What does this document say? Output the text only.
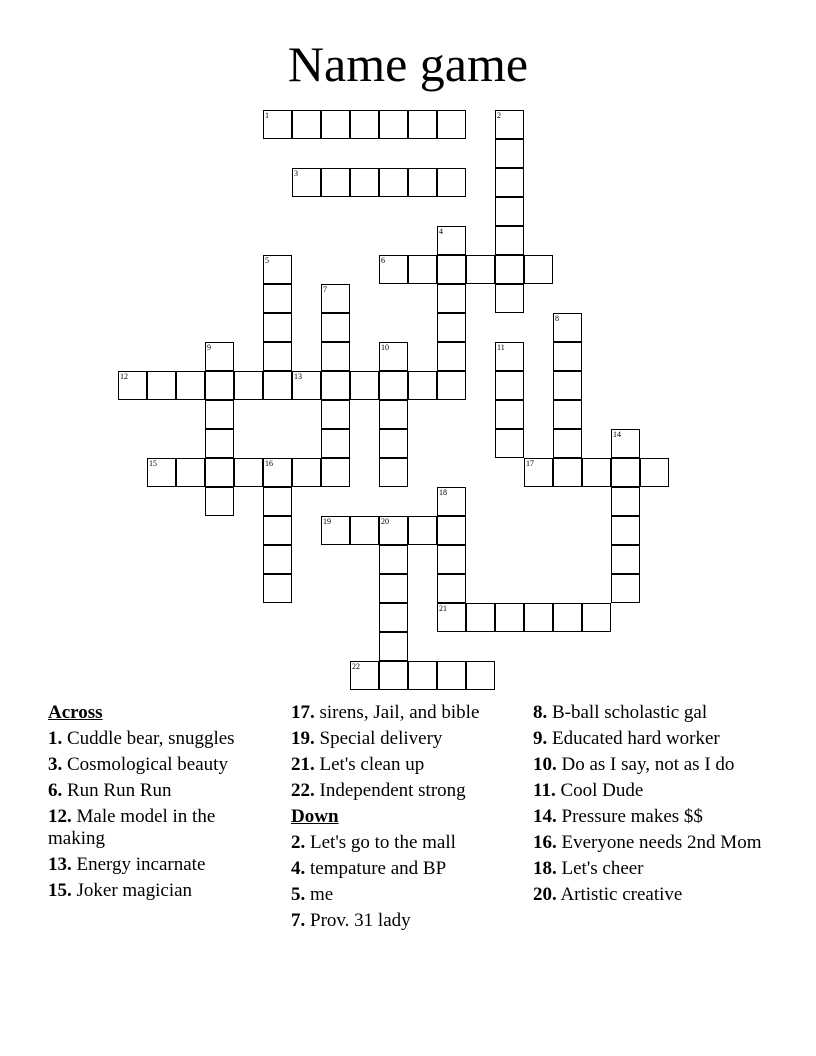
Name game
1	2
3
4
5	6
7
8
9	10	11
12	13
14
15	16	17
18
21
19	20
22
Across
1. Cuddle bear, snuggles
3. Cosmological beauty
6. Run Run Run
12. Male model in the making
13. Energy incarnate
15. Joker magician
17. sirens, Jail, and bible
19. Special delivery
21. Let's clean up
22. Independent strong
Down
2. Let's go to the mall
4. tempature and BP
5. me
7. Prov. 31 lady
8. B-ball scholastic gal
9. Educated hard worker
10. Do as I say, not as I do
11. Cool Dude
14. Pressure makes $$
16. Everyone needs 2nd Mom
18. Let's cheer
20. Artistic creative
